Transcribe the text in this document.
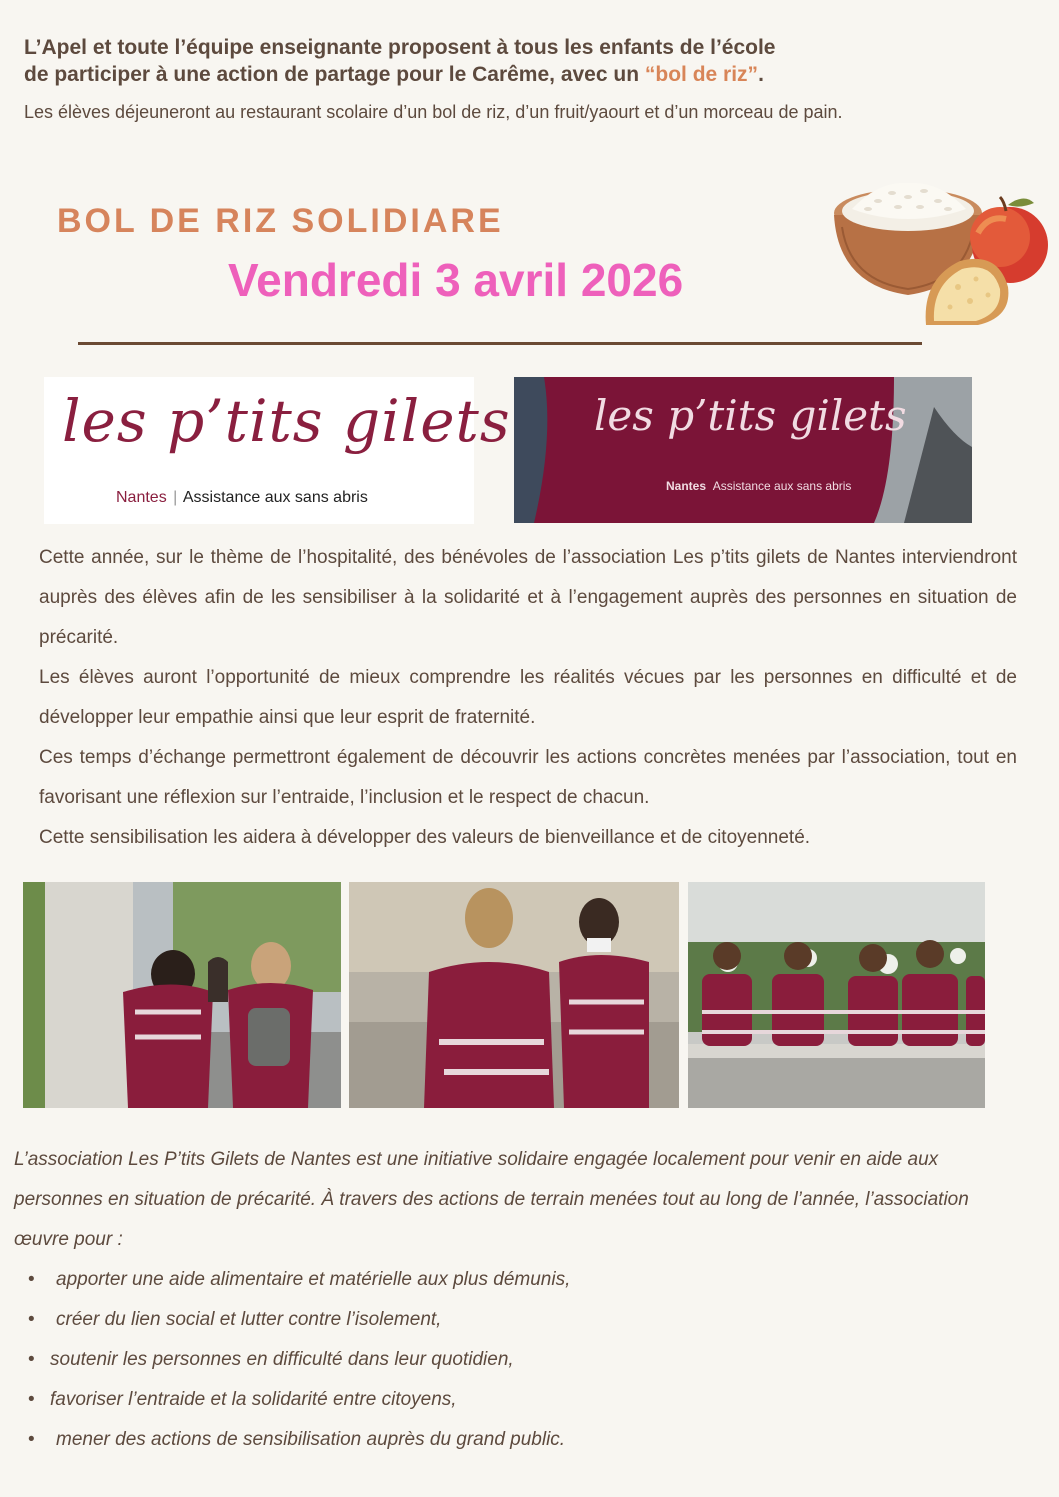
L’Apel et toute l’équipe enseignante proposent à tous les enfants de l’école
de participer à une action de partage pour le Carême, avec un “bol de riz”.
Les élèves déjeuneront au restaurant scolaire d’un bol de riz, d’un fruit/yaourt et d’un morceau de pain.
BOL DE RIZ SOLIDIARE
Vendredi 3 avril 2026
les p’tits gilets
Nantes | Assistance aux sans abris
les p’tits gilets
Nantes Assistance aux sans abris

Cette année, sur le thème de l’hospitalité, des bénévoles de l’association Les p’tits gilets de Nantes interviendront auprès des élèves afin de les sensibiliser à la solidarité et à l’engagement auprès des personnes en situation de précarité.

Les élèves auront l’opportunité de mieux comprendre les réalités vécues par les personnes en difficulté et de développer leur empathie ainsi que leur esprit de fraternité.

Ces temps d’échange permettront également de découvrir les actions concrètes menées par l’association, tout en favorisant une réflexion sur l’entraide, l’inclusion et le respect de chacun.

Cette sensibilisation les aidera à développer des valeurs de bienveillance et de citoyenneté.

L’association Les P’tits Gilets de Nantes est une initiative solidaire engagée localement pour venir en aide aux personnes en situation de précarité. À travers des actions de terrain menées tout au long de l’année, l’association œuvre pour :

• apporter une aide alimentaire et matérielle aux plus démunis,
• créer du lien social et lutter contre l’isolement,
• soutenir les personnes en difficulté dans leur quotidien,
• favoriser l’entraide et la solidarité entre citoyens,
• mener des actions de sensibilisation auprès du grand public.
